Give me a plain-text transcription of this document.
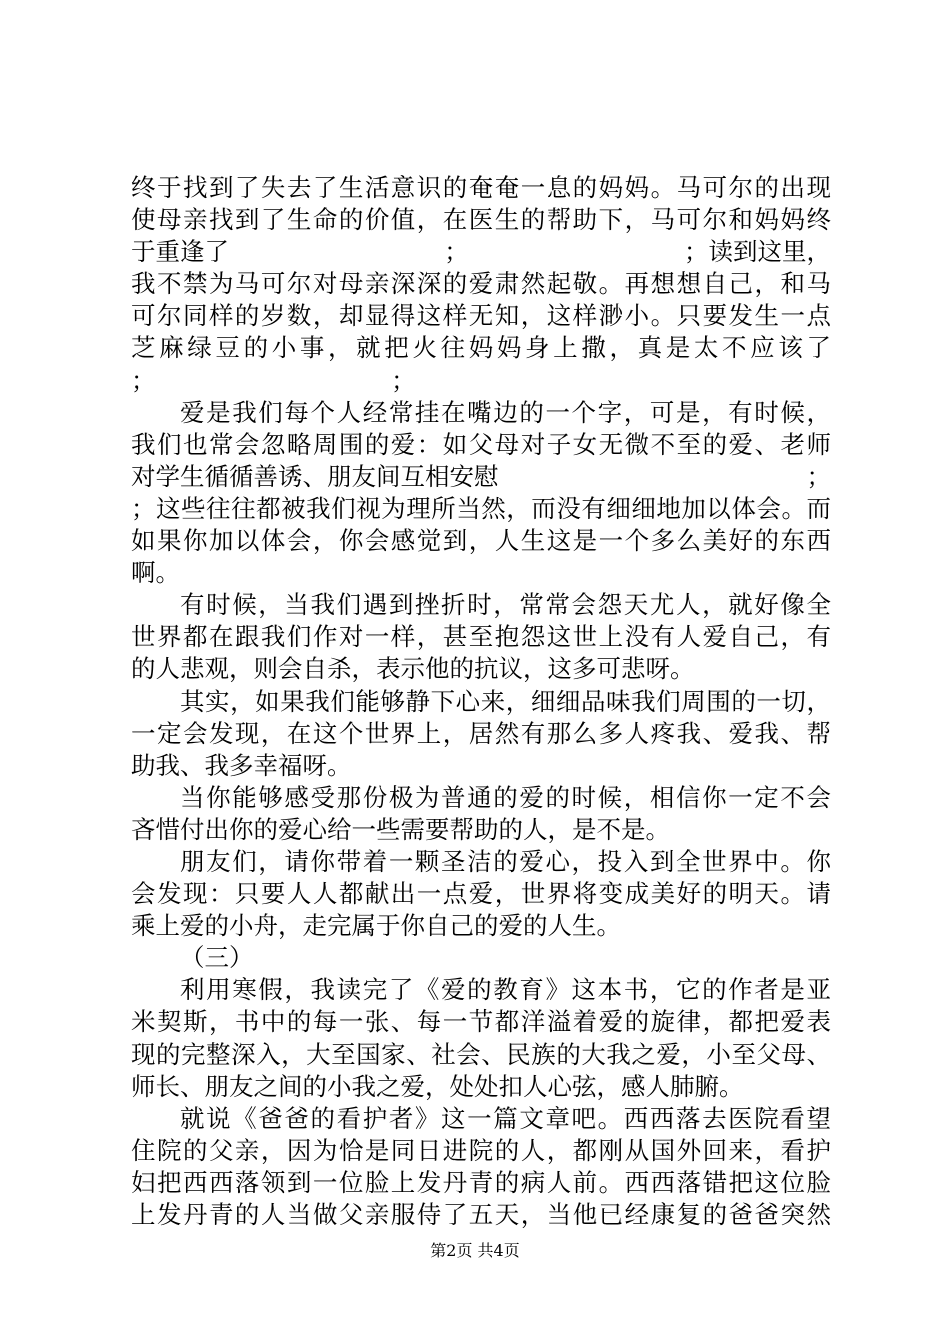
终于找到了失去了生活意识的奄奄一息的妈妈。马可尔的出现
使母亲找到了生命的价值，在医生的帮助下，马可尔和妈妈终
于重逢了	；	；读到这里，
我不禁为马可尔对母亲深深的爱肃然起敬。再想想自己，和马
可尔同样的岁数，却显得这样无知，这样渺小。只要发生一点
芝麻绿豆的小事，就把火往妈妈身上撒，真是太不应该了
；	；
爱是我们每个人经常挂在嘴边的一个字，可是，有时候，
我们也常会忽略周围的爱：如父母对子女无微不至的爱、老师
对学生循循善诱、朋友间互相安慰	；
；这些往往都被我们视为理所当然，而没有细细地加以体会。而
如果你加以体会，你会感觉到，人生这是一个多么美好的东西
啊。
有时候，当我们遇到挫折时，常常会怨天尤人，就好像全
世界都在跟我们作对一样，甚至抱怨这世上没有人爱自己，有
的人悲观，则会自杀，表示他的抗议，这多可悲呀。
其实，如果我们能够静下心来，细细品味我们周围的一切，
一定会发现，在这个世界上，居然有那么多人疼我、爱我、帮
助我、我多幸福呀。
当你能够感受那份极为普通的爱的时候，相信你一定不会
吝惜付出你的爱心给一些需要帮助的人，是不是。
朋友们，请你带着一颗圣洁的爱心，投入到全世界中。你
会发现：只要人人都献出一点爱，世界将变成美好的明天。请
乘上爱的小舟，走完属于你自己的爱的人生。
（三）
利用寒假，我读完了《爱的教育》这本书，它的作者是亚
米契斯，书中的每一张、每一节都洋溢着爱的旋律，都把爱表
现的完整深入，大至国家、社会、民族的大我之爱，小至父母、
师长、朋友之间的小我之爱，处处扣人心弦，感人肺腑。
就说《爸爸的看护者》这一篇文章吧。西西落去医院看望
住院的父亲，因为恰是同日进院的人，都刚从国外回来，看护
妇把西西落领到一位脸上发丹青的病人前。西西落错把这位脸
上发丹青的人当做父亲服侍了五天，当他已经康复的爸爸突然
第2页 共4页
